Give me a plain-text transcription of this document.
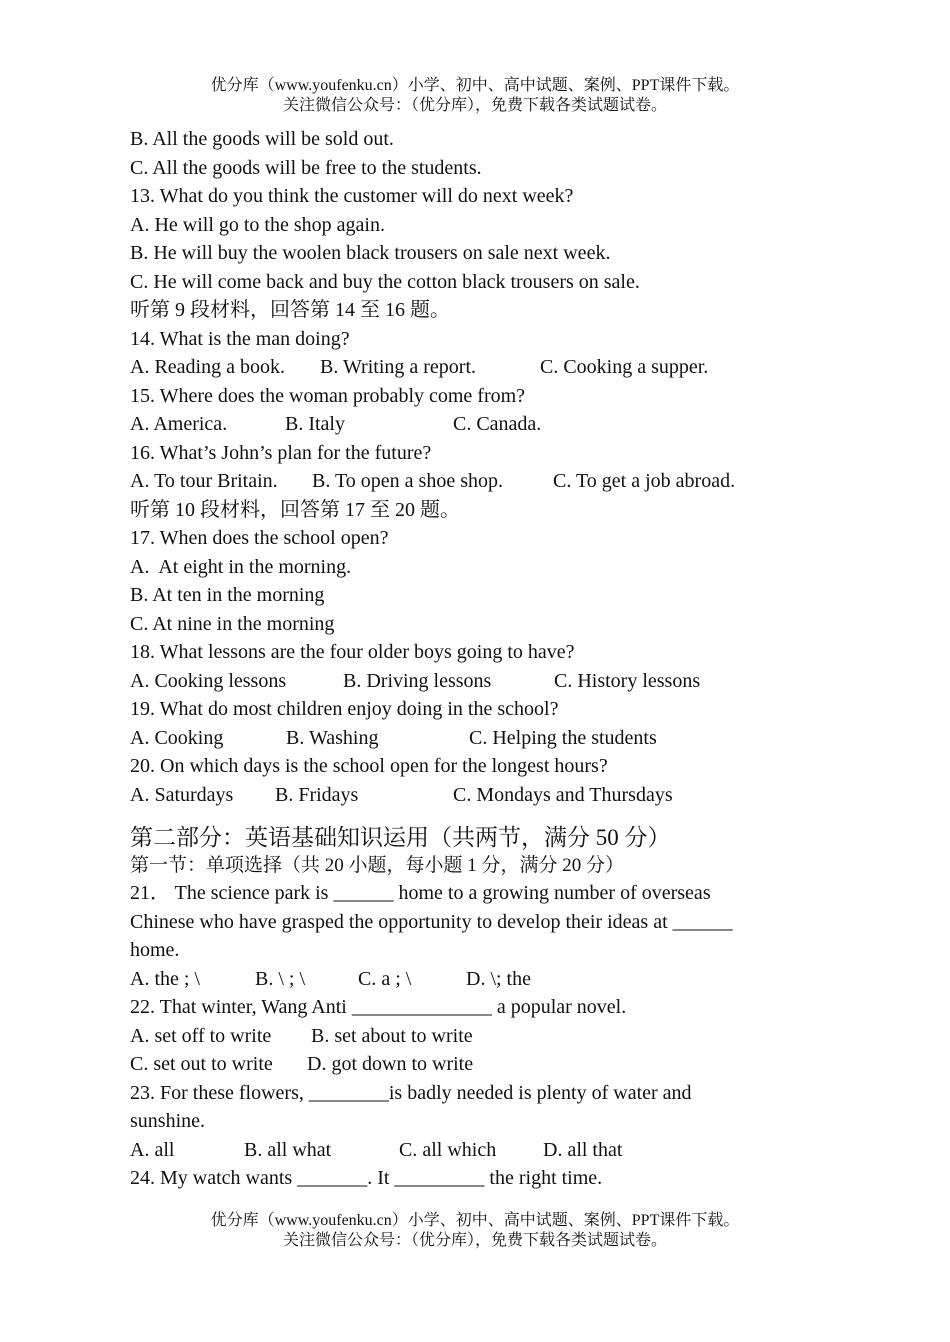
优分库（www.youfenku.cn）小学、初中、高中试题、案例、PPT课件下载。
关注微信公众号：（优分库），免费下载各类试题试卷。
B. All the goods will be sold out.
C. All the goods will be free to the students.
13. What do you think the customer will do next week?
A. He will go to the shop again.
B. He will buy the woolen black trousers on sale next week.
C. He will come back and buy the cotton black trousers on sale.
听第 9 段材料，回答第 14 至 16 题。
14. What is the man doing?
A. Reading a book. B. Writing a report.	C. Cooking a supper.
15. Where does the woman probably come from?
A. America.	B. Italy	C. Canada.
16. What’s John’s plan for the future?
A. To tour Britain. B. To open a shoe shop.	C. To get a job abroad.
听第 10 段材料，回答第 17 至 20 题。
17. When does the school open?
A.  At eight in the morning.
B. At ten in the morning
C. At nine in the morning
18. What lessons are the four older boys going to have?
A. Cooking lessons	B. Driving lessons	C. History lessons
19. What do most children enjoy doing in the school?
A. Cooking	B. Washing	C. Helping the students
20. On which days is the school open for the longest hours?
A. Saturdays B. Fridays	C. Mondays and Thursdays
第二部分：英语基础知识运用（共两节，满分 50 分）
第一节：单项选择（共 20 小题，每小题 1 分，满分 20 分）
21． The science park is ______ home to a growing number of overseas
Chinese who have grasped the opportunity to develop their ideas at ______
home.
A. the ; \	B. \ ; \	C. a ; \	D. \; the
22. That winter, Wang Anti ______________ a popular novel.
A. set off to write B. set about to write
C. set out to write D. got down to write
23. For these flowers, ________is badly needed is plenty of water and
sunshine.
A. all	B. all what	C. all which D. all that
24. My watch wants _______. It _________ the right time.
优分库（www.youfenku.cn）小学、初中、高中试题、案例、PPT课件下载。
关注微信公众号：（优分库），免费下载各类试题试卷。
